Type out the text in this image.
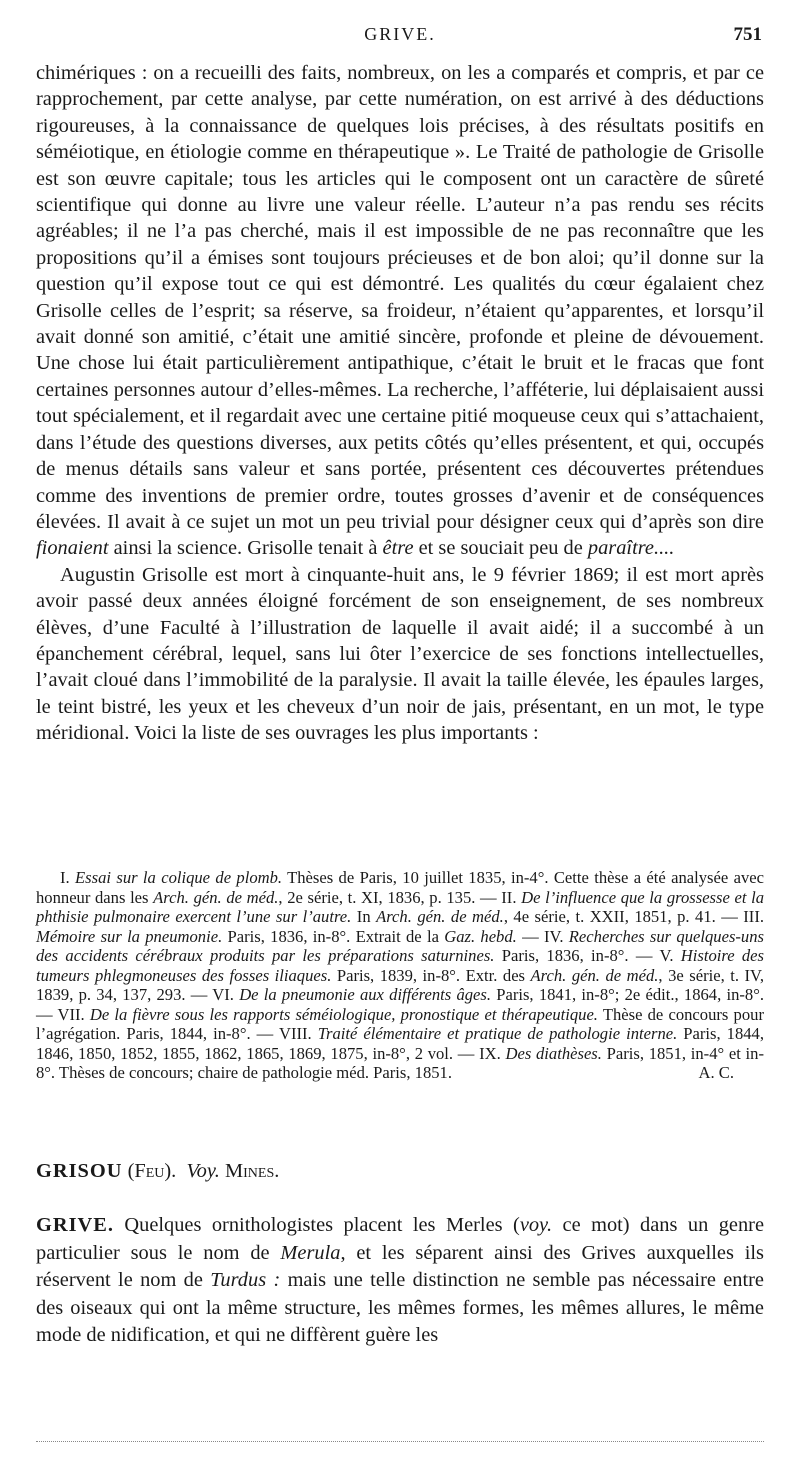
GRIVE.	751

chimériques : on a recueilli des faits, nombreux, on les a comparés et compris, et par ce rapprochement, par cette analyse, par cette numération, on est arrivé à des déductions rigoureuses, à la connaissance de quelques lois précises, à des résultats positifs en séméiotique, en étiologie comme en thérapeutique ». Le Traité de pathologie de Grisolle est son œuvre capitale; tous les articles qui le composent ont un caractère de sûreté scientifique qui donne au livre une valeur réelle. L’auteur n’a pas rendu ses récits agréables; il ne l’a pas cherché, mais il est impossible de ne pas reconnaître que les propositions qu’il a émises sont toujours précieuses et de bon aloi; qu’il donne sur la question qu’il expose tout ce qui est démontré. Les qualités du cœur égalaient chez Grisolle celles de l’esprit; sa réserve, sa froideur, n’étaient qu’apparentes, et lorsqu’il avait donné son amitié, c’était une amitié sincère, profonde et pleine de dévouement. Une chose lui était particulièrement antipathique, c’était le bruit et le fracas que font certaines personnes autour d’elles-mêmes. La recherche, l’afféterie, lui déplaisaient aussi tout spécialement, et il regardait avec une certaine pitié moqueuse ceux qui s’attachaient, dans l’étude des questions diverses, aux petits côtés qu’elles présentent, et qui, occupés de menus détails sans valeur et sans portée, présentent ces découvertes prétendues comme des inventions de premier ordre, toutes grosses d’avenir et de conséquences élevées. Il avait à ce sujet un mot un peu trivial pour désigner ceux qui d’après son dire fionaient ainsi la science. Grisolle tenait à être et se souciait peu de paraître....

Augustin Grisolle est mort à cinquante-huit ans, le 9 février 1869; il est mort après avoir passé deux années éloigné forcément de son enseignement, de ses nombreux élèves, d’une Faculté à l’illustration de laquelle il avait aidé; il a succombé à un épanchement cérébral, lequel, sans lui ôter l’exercice de ses fonctions intellectuelles, l’avait cloué dans l’immobilité de la paralysie. Il avait la taille élevée, les épaules larges, le teint bistré, les yeux et les cheveux d’un noir de jais, présentant, en un mot, le type méridional. Voici la liste de ses ouvrages les plus importants :

I. Essai sur la colique de plomb. Thèses de Paris, 10 juillet 1835, in-4°. Cette thèse a été analysée avec honneur dans les Arch. gén. de méd., 2e série, t. XI, 1836, p. 135. — II. De l’influence que la grossesse et la phthisie pulmonaire exercent l’une sur l’autre. In Arch. gén. de méd., 4e série, t. XXII, 1851, p. 41. — III. Mémoire sur la pneumonie. Paris, 1836, in-8°. Extrait de la Gaz. hebd. — IV. Recherches sur quelques-uns des accidents cérébraux produits par les préparations saturnines. Paris, 1836, in-8°. — V. Histoire des tumeurs phlegmoneuses des fosses iliaques. Paris, 1839, in-8°. Extr. des Arch. gén. de méd., 3e série, t. IV, 1839, p. 34, 137, 293. — VI. De la pneumonie aux différents âges. Paris, 1841, in-8°; 2e édit., 1864, in-8°. — VII. De la fièvre sous les rapports séméiologique, pronostique et thérapeutique. Thèse de concours pour l’agrégation. Paris, 1844, in-8°. — VIII. Traité élémentaire et pratique de pathologie interne. Paris, 1844, 1846, 1850, 1852, 1855, 1862, 1865, 1869, 1875, in-8°, 2 vol. — IX. Des diathèses. Paris, 1851, in-4° et in-8°. Thèses de concours; chaire de pathologie méd. Paris, 1851.	A. C.

GRISOU (Feu). Voy. Mines.

GRIVE. Quelques ornithologistes placent les Merles (voy. ce mot) dans un genre particulier sous le nom de Merula, et les séparent ainsi des Grives auxquelles ils réservent le nom de Turdus : mais une telle distinction ne semble pas nécessaire entre des oiseaux qui ont la même structure, les mêmes formes, les mêmes allures, le même mode de nidification, et qui ne diffèrent guère les
